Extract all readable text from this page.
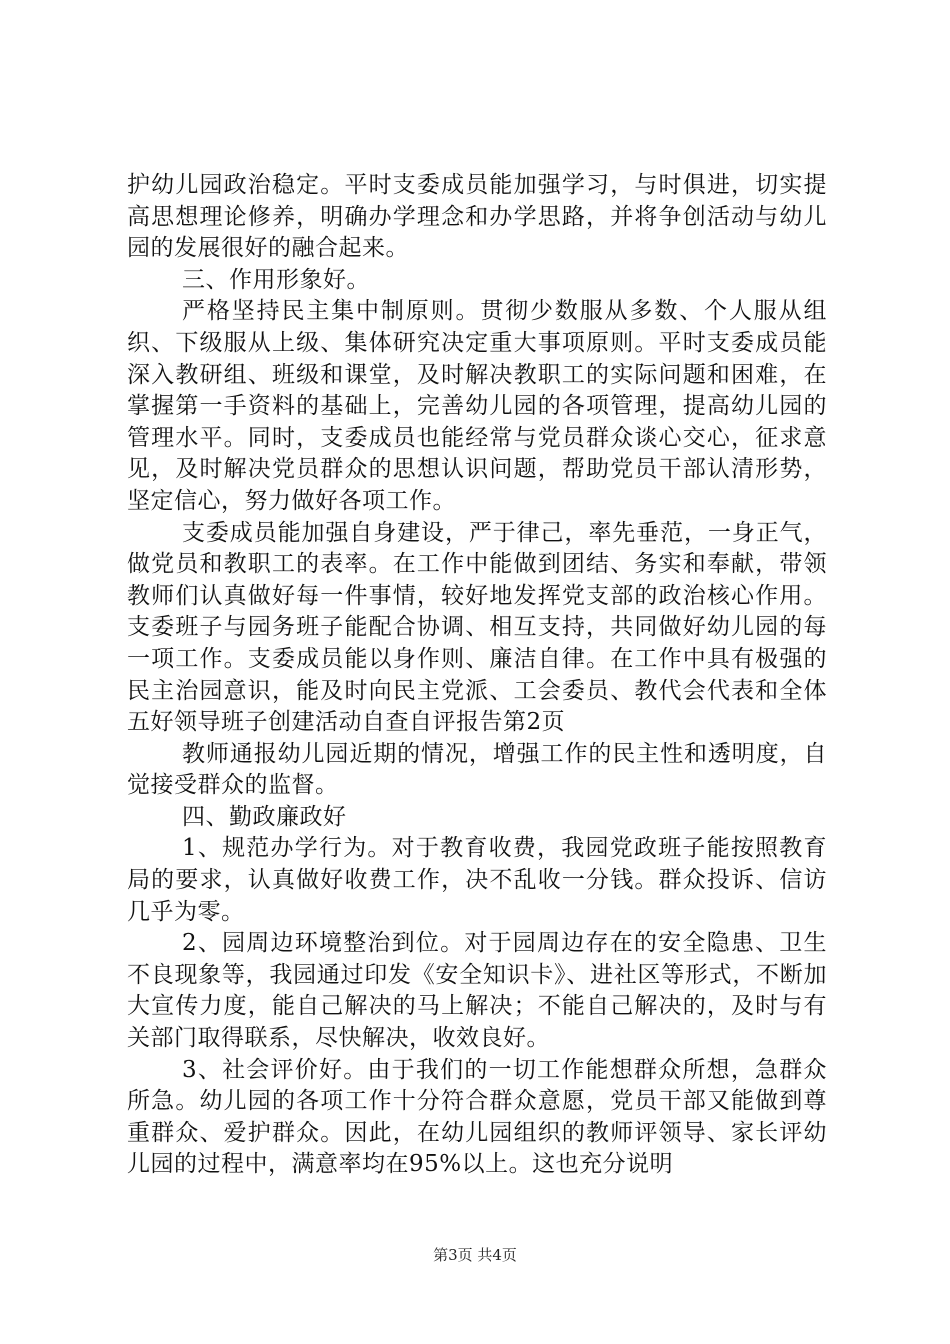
护幼儿园政治稳定。平时支委成员能加强学习，与时俱进，切实提高思想理论修养，明确办学理念和办学思路，并将争创活动与幼儿园的发展很好的融合起来。

三、作用形象好。

严格坚持民主集中制原则。贯彻少数服从多数、个人服从组织、下级服从上级、集体研究决定重大事项原则。平时支委成员能深入教研组、班级和课堂，及时解决教职工的实际问题和困难，在掌握第一手资料的基础上，完善幼儿园的各项管理，提高幼儿园的管理水平。同时，支委成员也能经常与党员群众谈心交心，征求意见，及时解决党员群众的思想认识问题，帮助党员干部认清形势，坚定信心，努力做好各项工作。

支委成员能加强自身建设，严于律己，率先垂范，一身正气，做党员和教职工的表率。在工作中能做到团结、务实和奉献，带领教师们认真做好每一件事情，较好地发挥党支部的政治核心作用。支委班子与园务班子能配合协调、相互支持，共同做好幼儿园的每一项工作。支委成员能以身作则、廉洁自律。在工作中具有极强的民主治园意识，能及时向民主党派、工会委员、教代会代表和全体五好领导班子创建活动自查自评报告第2页

教师通报幼儿园近期的情况，增强工作的民主性和透明度，自觉接受群众的监督。

四、勤政廉政好

1、规范办学行为。对于教育收费，我园党政班子能按照教育局的要求，认真做好收费工作，决不乱收一分钱。群众投诉、信访几乎为零。

2、园周边环境整治到位。对于园周边存在的安全隐患、卫生不良现象等，我园通过印发《安全知识卡》、进社区等形式，不断加大宣传力度，能自己解决的马上解决；不能自己解决的，及时与有关部门取得联系，尽快解决，收效良好。

3、社会评价好。由于我们的一切工作能想群众所想，急群众所急。幼儿园的各项工作十分符合群众意愿，党员干部又能做到尊重群众、爱护群众。因此，在幼儿园组织的教师评领导、家长评幼儿园的过程中，满意率均在95%以上。这也充分说明

第3页 共4页
